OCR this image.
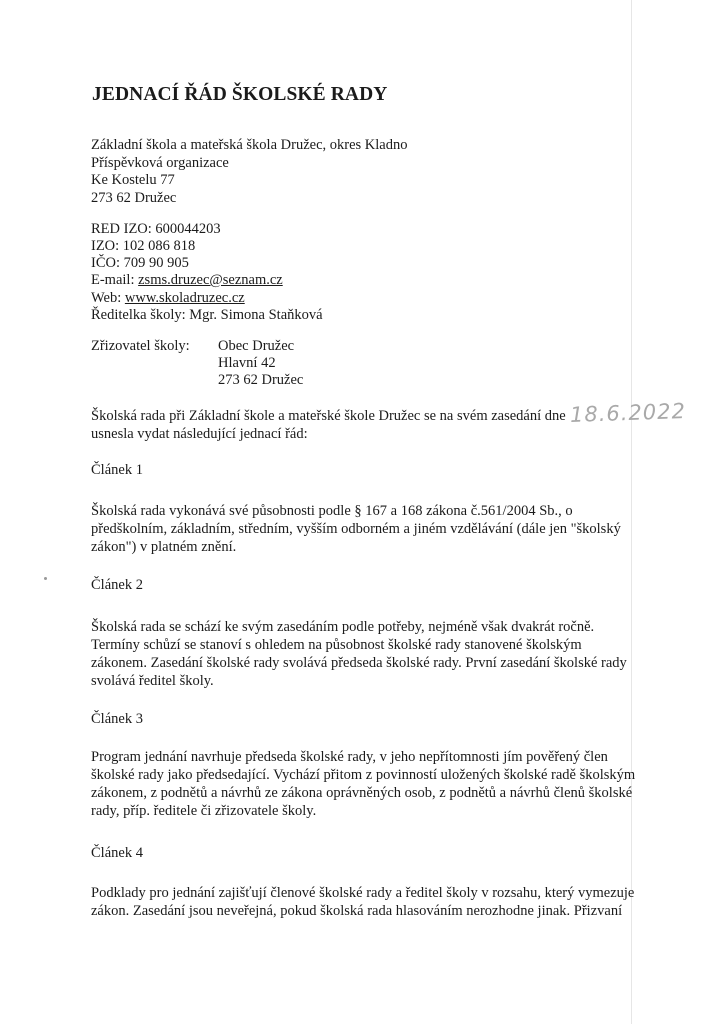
JEDNACÍ ŘÁD ŠKOLSKÉ RADY
Základní škola a mateřská škola Družec, okres Kladno
Příspěvková organizace
Ke Kostelu 77
273 62 Družec
RED IZO: 600044203
IZO: 102 086 818
IČO: 709 90 905
E-mail: zsms.druzec@seznam.cz
Web: www.skoladruzec.cz
Ředitelka školy: Mgr. Simona Staňková
Zřizovatel školy: Obec Družec
Hlavní 42
273 62 Družec
Školská rada při Základní škole a mateřské škole Družec se na svém zasedání dne
usnesla vydat následující jednací řád:
18.6.2022
Článek 1
Školská rada vykonává své působnosti podle § 167 a 168 zákona č.561/2004 Sb., o
předškolním, základním, středním, vyšším odborném a jiném vzdělávání (dále jen "školský
zákon") v platném znění.
Článek 2
Školská rada se schází ke svým zasedáním podle potřeby, nejméně však dvakrát ročně.
Termíny schůzí se stanoví s ohledem na působnost školské rady stanovené školským
zákonem. Zasedání školské rady svolává předseda školské rady. První zasedání školské rady
svolává ředitel školy.
Článek 3
Program jednání navrhuje předseda školské rady, v jeho nepřítomnosti jím pověřený člen
školské rady jako předsedající. Vychází přitom z povinností uložených školské radě školským
zákonem, z podnětů a návrhů ze zákona oprávněných osob, z podnětů a návrhů členů školské
rady, příp. ředitele či zřizovatele školy.
Článek 4
Podklady pro jednání zajišťují členové školské rady a ředitel školy v rozsahu, který vymezuje
zákon. Zasedání jsou neveřejná, pokud školská rada hlasováním nerozhodne jinak. Přizvaní
